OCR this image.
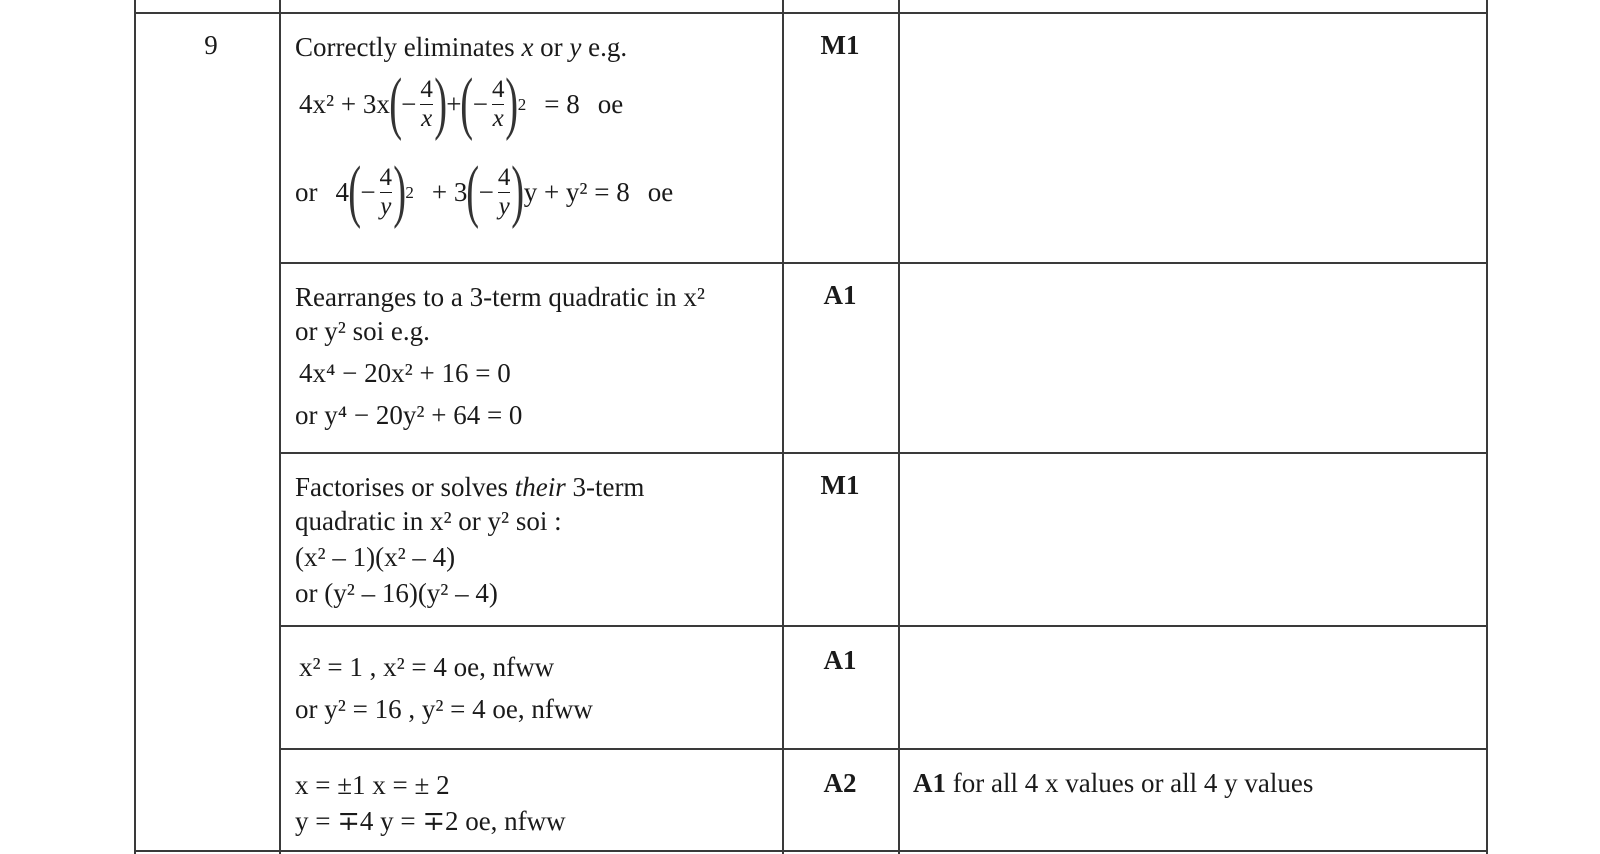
9	Correctly eliminates x or y e.g.
4x² + 3x ( − $\frac{4}{x}$ ) + ( − $\frac{4}{x}$ ) 2 = 8 oe
or 4 ( − $\frac{4}{y}$ ) 2 + 3 ( − $\frac{4}{y}$ ) y + y² = 8 oe
M1
Rearranges to a 3-term quadratic in x²
or y² soi e.g.
4x⁴ − 20x² + 16 = 0
or y⁴ − 20y² + 64 = 0
A1
Factorises or solves their 3-term
quadratic in x² or y² soi :
(x² – 1)(x² – 4)
or (y² – 16)(y² – 4)
M1
x² = 1 , x² = 4 oe, nfww
or y² = 16 , y² = 4 oe, nfww
A1
x = ±1 x = ± 2
y = ∓4 y = ∓2 oe, nfww
A2	A1 for all 4 x values or all 4 y values
